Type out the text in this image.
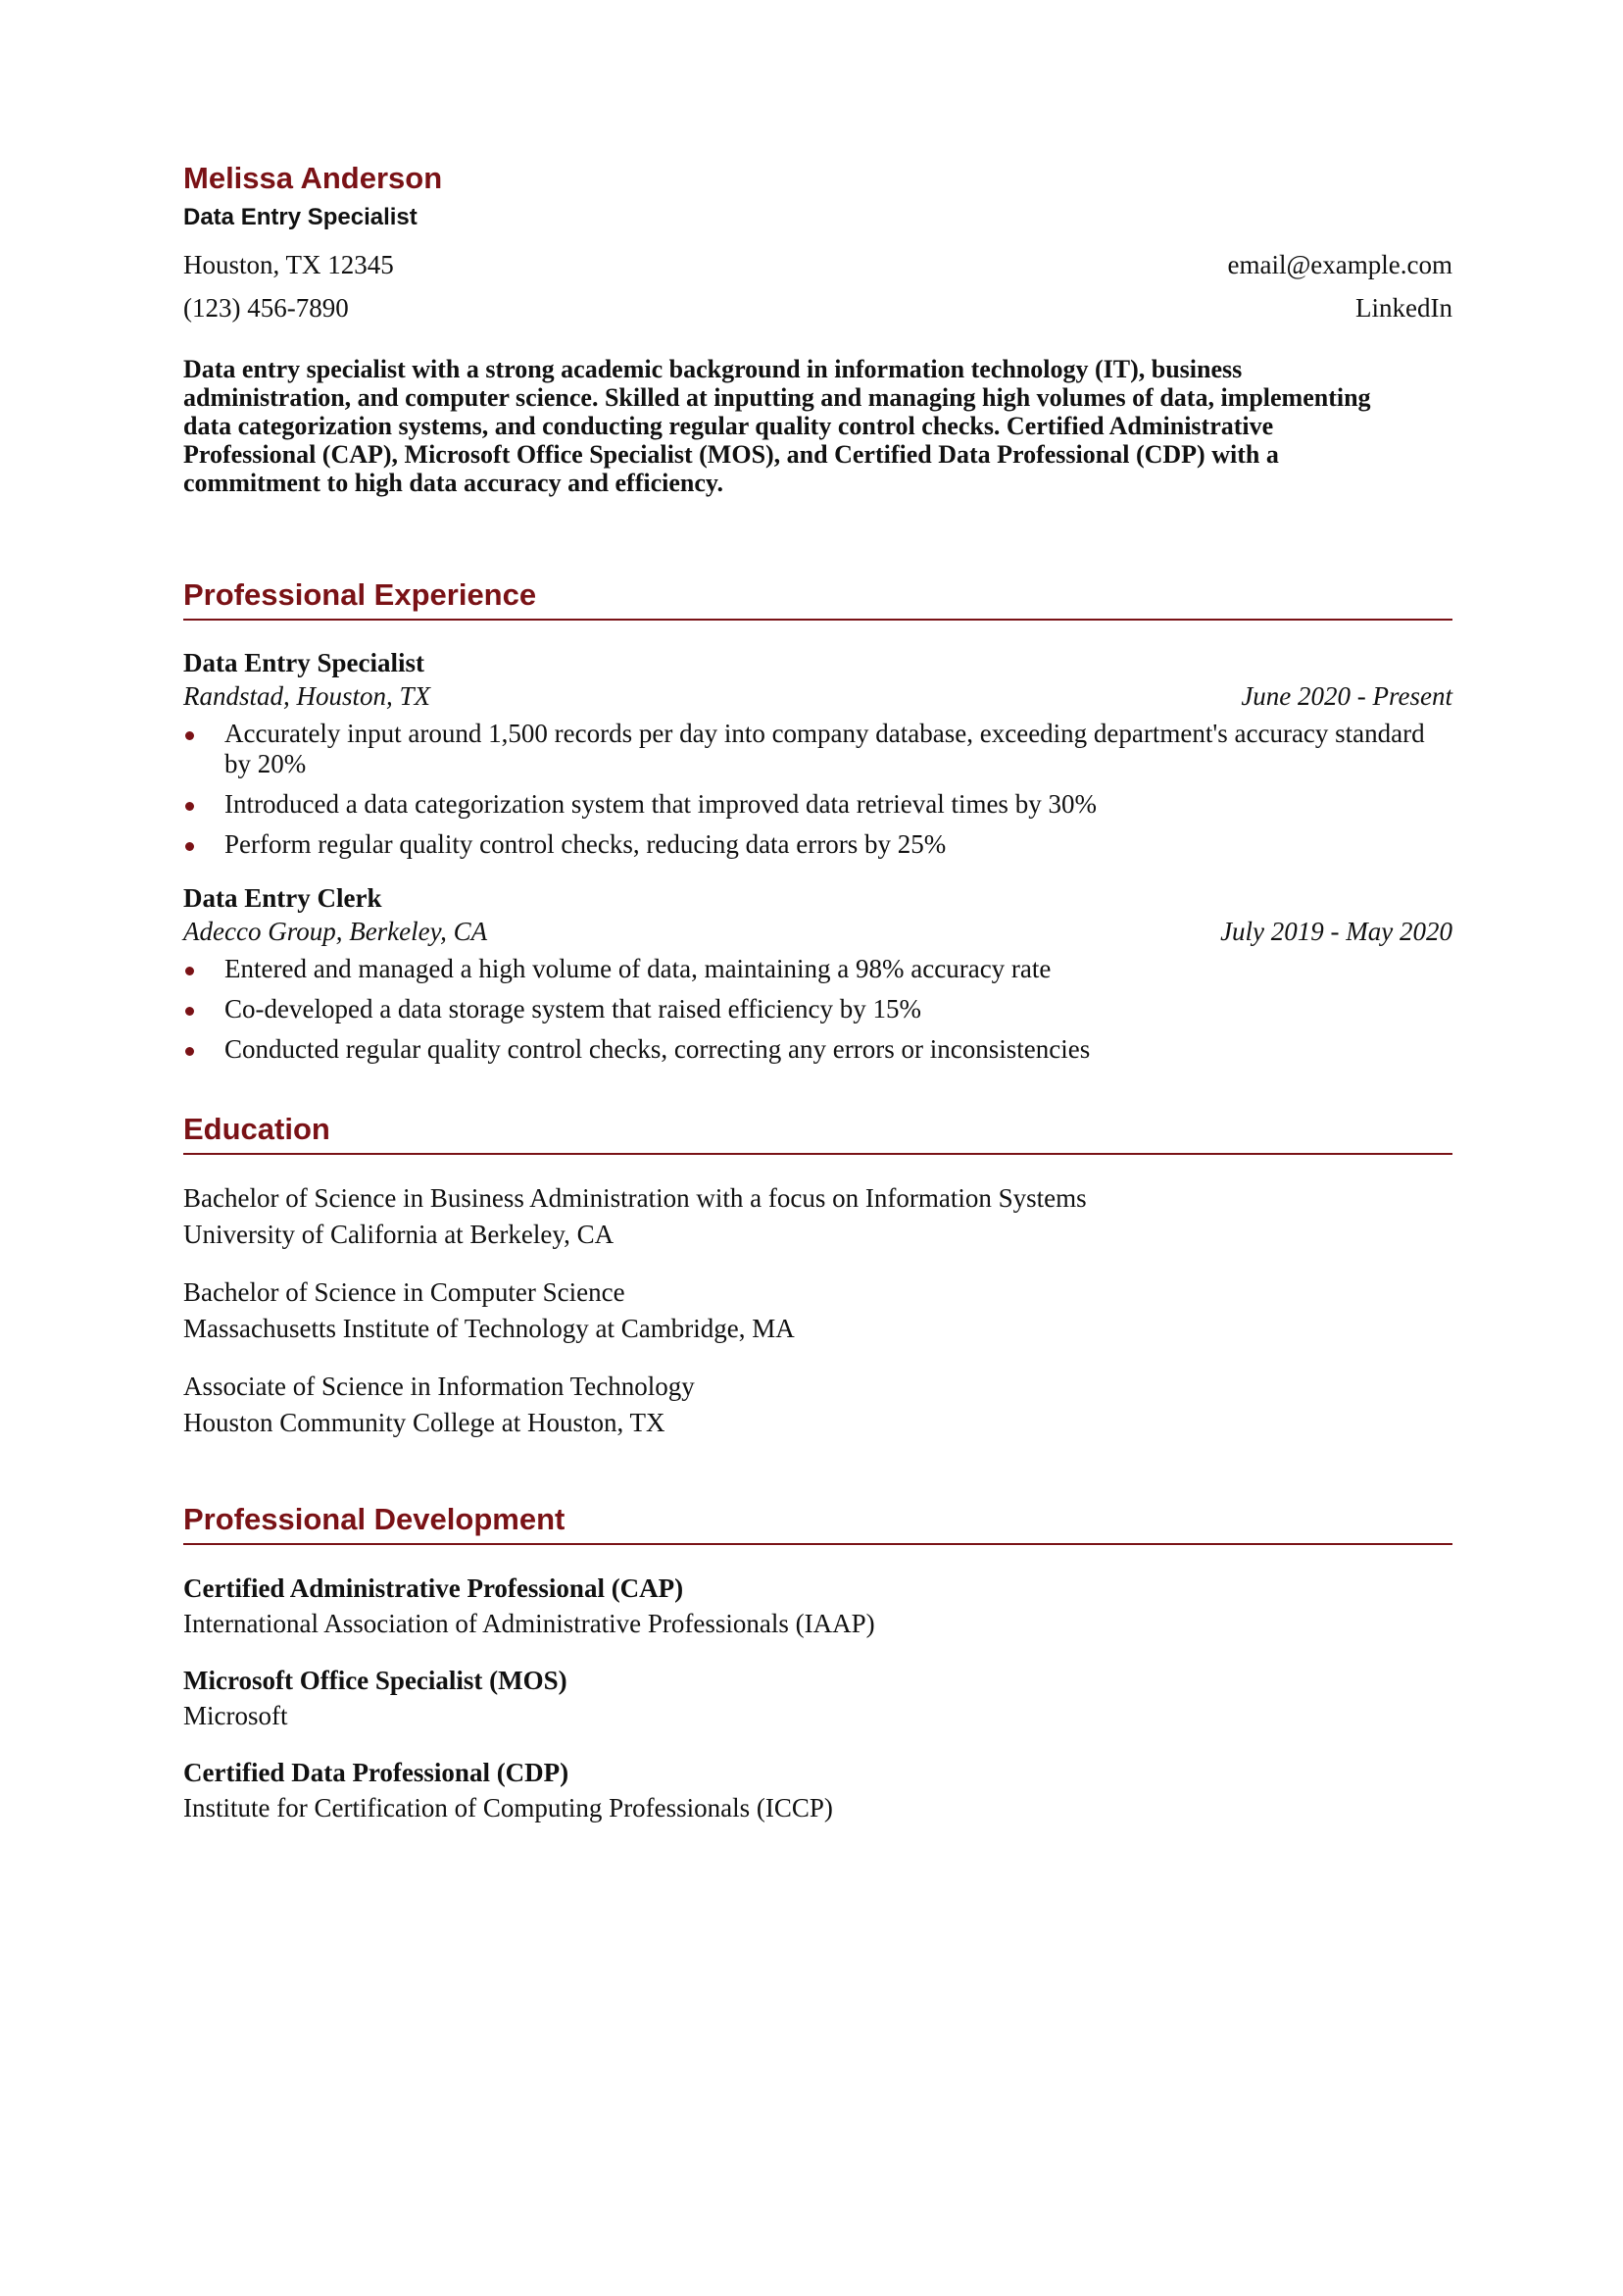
Melissa Anderson
Data Entry Specialist
Houston, TX 12345	email@example.com
(123) 456-7890	LinkedIn
Data entry specialist with a strong academic background in information technology (IT), business administration, and computer science. Skilled at inputting and managing high volumes of data, implementing data categorization systems, and conducting regular quality control checks. Certified Administrative Professional (CAP), Microsoft Office Specialist (MOS), and Certified Data Professional (CDP) with a commitment to high data accuracy and efficiency.
Professional Experience
Data Entry Specialist
Randstad, Houston, TX	June 2020 - Present
Accurately input around 1,500 records per day into company database, exceeding department's accuracy standard by 20%
Introduced a data categorization system that improved data retrieval times by 30%
Perform regular quality control checks, reducing data errors by 25%
Data Entry Clerk
Adecco Group, Berkeley, CA	July 2019 - May 2020
Entered and managed a high volume of data, maintaining a 98% accuracy rate
Co-developed a data storage system that raised efficiency by 15%
Conducted regular quality control checks, correcting any errors or inconsistencies
Education
Bachelor of Science in Business Administration with a focus on Information Systems
University of California at Berkeley, CA
Bachelor of Science in Computer Science
Massachusetts Institute of Technology at Cambridge, MA
Associate of Science in Information Technology
Houston Community College at Houston, TX
Professional Development
Certified Administrative Professional (CAP)
International Association of Administrative Professionals (IAAP)
Microsoft Office Specialist (MOS)
Microsoft
Certified Data Professional (CDP)
Institute for Certification of Computing Professionals (ICCP)
